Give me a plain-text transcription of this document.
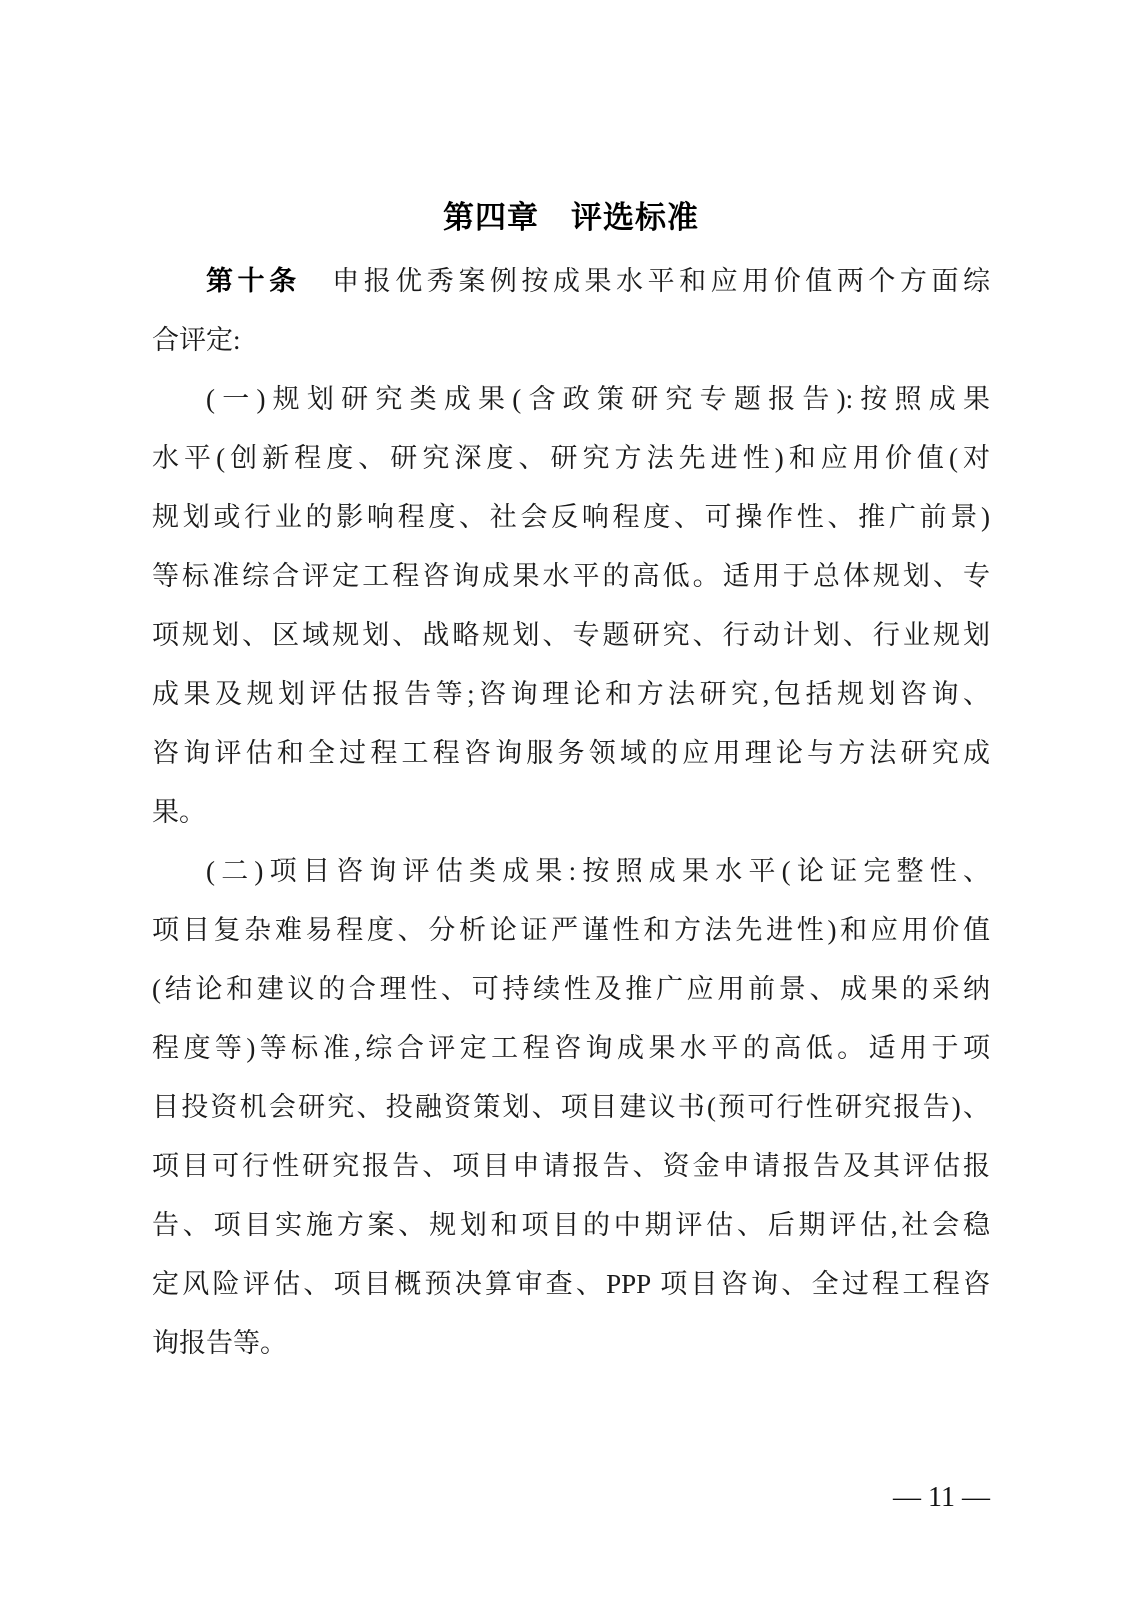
第四章　评选标准
第十条　申报优秀案例按成果水平和应用价值两个方面综
合评定:
(一)规划研究类成果(含政策研究专题报告):按照成果
水平(创新程度、研究深度、研究方法先进性)和应用价值(对
规划或行业的影响程度、社会反响程度、可操作性、推广前景)
等标准综合评定工程咨询成果水平的高低。适用于总体规划、专
项规划、区域规划、战略规划、专题研究、行动计划、行业规划
成果及规划评估报告等;咨询理论和方法研究,包括规划咨询、
咨询评估和全过程工程咨询服务领域的应用理论与方法研究成
果。
(二)项目咨询评估类成果:按照成果水平(论证完整性、
项目复杂难易程度、分析论证严谨性和方法先进性)和应用价值
(结论和建议的合理性、可持续性及推广应用前景、成果的采纳
程度等)等标准,综合评定工程咨询成果水平的高低。适用于项
目投资机会研究、投融资策划、项目建议书(预可行性研究报告)、
项目可行性研究报告、项目申请报告、资金申请报告及其评估报
告、项目实施方案、规划和项目的中期评估、后期评估,社会稳
定风险评估、项目概预决算审查、PPP 项目咨询、全过程工程咨
询报告等。
— 11 —
